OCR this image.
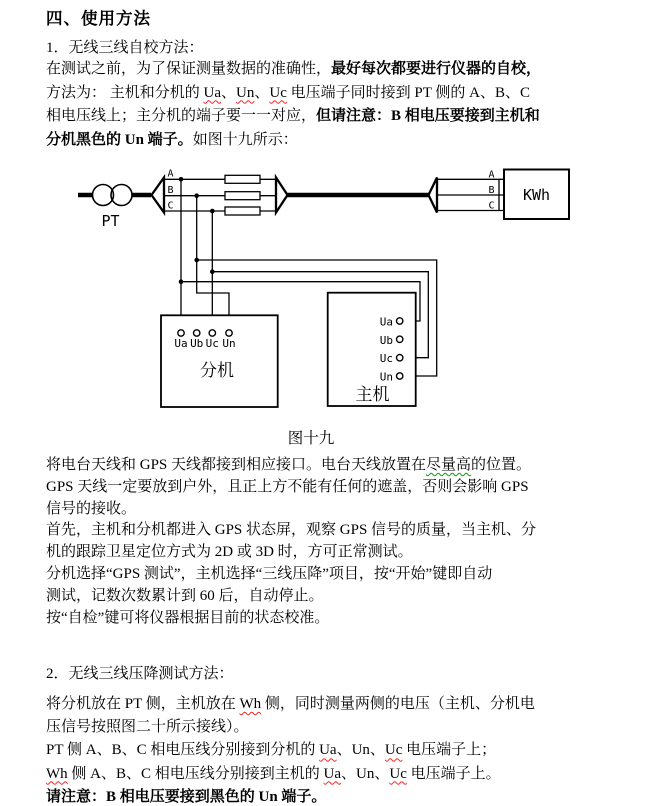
四、使用方法
1．无线三线自校方法：
在测试之前，为了保证测量数据的准确性，最好每次都要进行仪器的自校，
方法为： 主机和分机的 Ua、Un、Uc 电压端子同时接到 PT 侧的 A、B、C
相电压线上；主分机的端子要一一对应，但请注意：B 相电压要接到主机和
分机黑色的 Un 端子。如图十九所示：
PT
A
B
C
A
B
C
KWh
Ua Ub Uc Un
分机
Ua
Ub
Uc
Un
主机
图十九
将电台天线和 GPS 天线都接到相应接口。电台天线放置在尽量高的位置。
GPS 天线一定要放到户外，且正上方不能有任何的遮盖，否则会影响 GPS
信号的接收。
首先，主机和分机都进入 GPS 状态屏，观察 GPS 信号的质量，当主机、分
机的跟踪卫星定位方式为 2D 或 3D 时，方可正常测试。
分机选择“GPS 测试”，主机选择“三线压降”项目，按“开始”键即自动
测试，记数次数累计到 60 后，自动停止。
按“自检”键可将仪器根据目前的状态校准。
2．无线三线压降测试方法：
将分机放在 PT 侧，主机放在 Wh 侧，同时测量两侧的电压（主机、分机电
压信号按照图二十所示接线）。
PT 侧 A、B、C 相电压线分别接到分机的 Ua、Un、Uc 电压端子上；
Wh 侧 A、B、C 相电压线分别接到主机的 Ua、Un、Uc 电压端子上。
请注意：B 相电压要接到黑色的 Un 端子。
